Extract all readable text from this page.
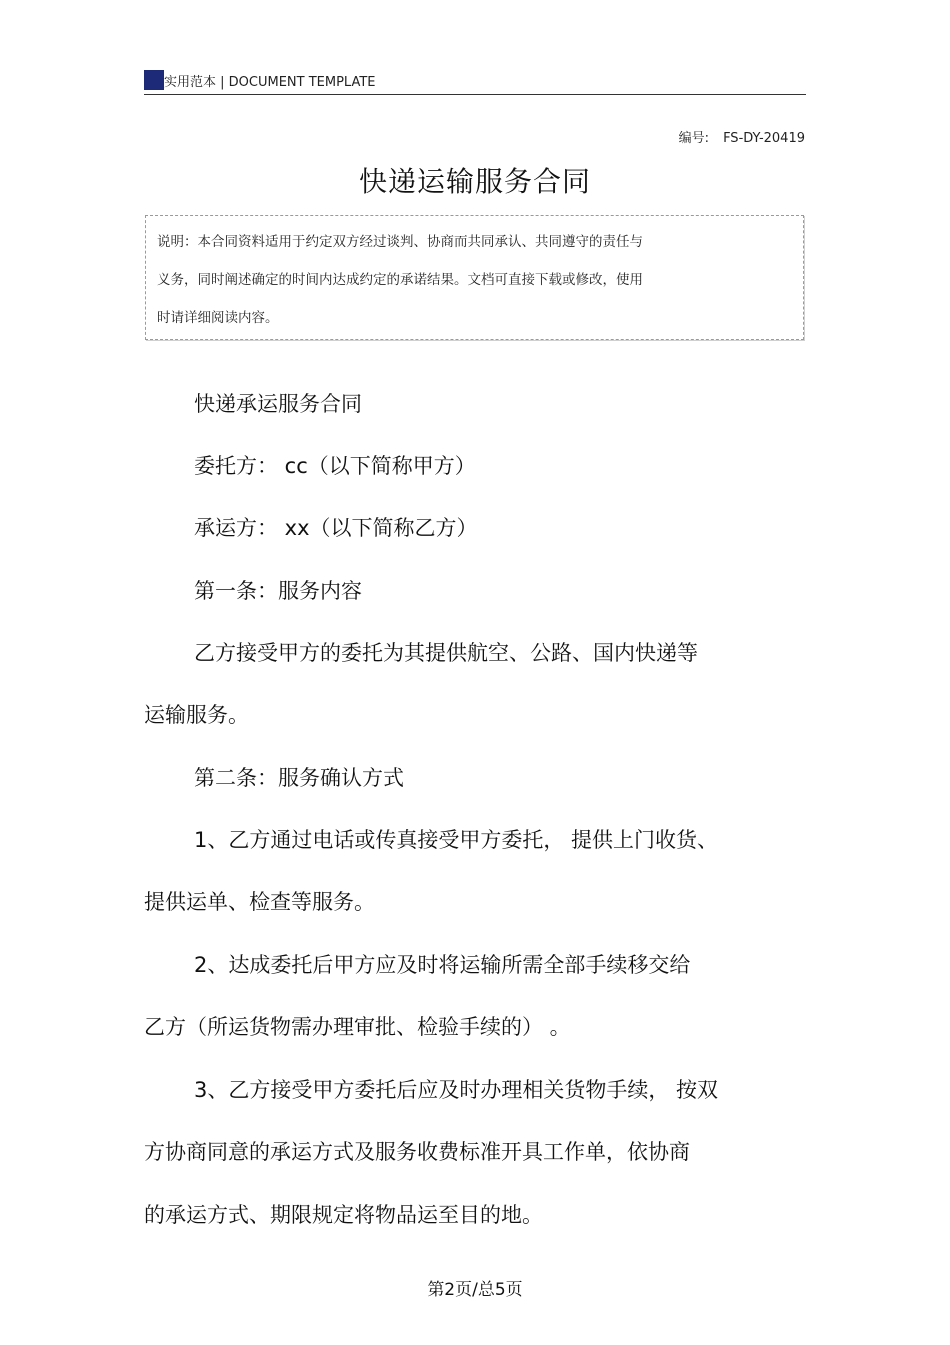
实用范本 | DOCUMENT TEMPLATE
编号: FS-DY-20419
快递运输服务合同
说明：本合同资料适用于约定双方经过谈判、协商而共同承认、共同遵守的责任与
义务，同时阐述确定的时间内达成约定的承诺结果。文档可直接下载或修改，使用
时请详细阅读内容。
快递承运服务合同
委托方： cc（以下简称甲方）
承运方： xx（以下简称乙方）
第一条：服务内容
乙方接受甲方的委托为其提供航空、公路、国内快递等
运输服务。
第二条：服务确认方式
1、乙方通过电话或传真接受甲方委托， 提供上门收货、
提供运单、检查等服务。
2、达成委托后甲方应及时将运输所需全部手续移交给
乙方（所运货物需办理审批、检验手续的） 。
3、乙方接受甲方委托后应及时办理相关货物手续， 按双
方协商同意的承运方式及服务收费标准开具工作单，依协商
的承运方式、期限规定将物品运至目的地。
第2页/总5页
